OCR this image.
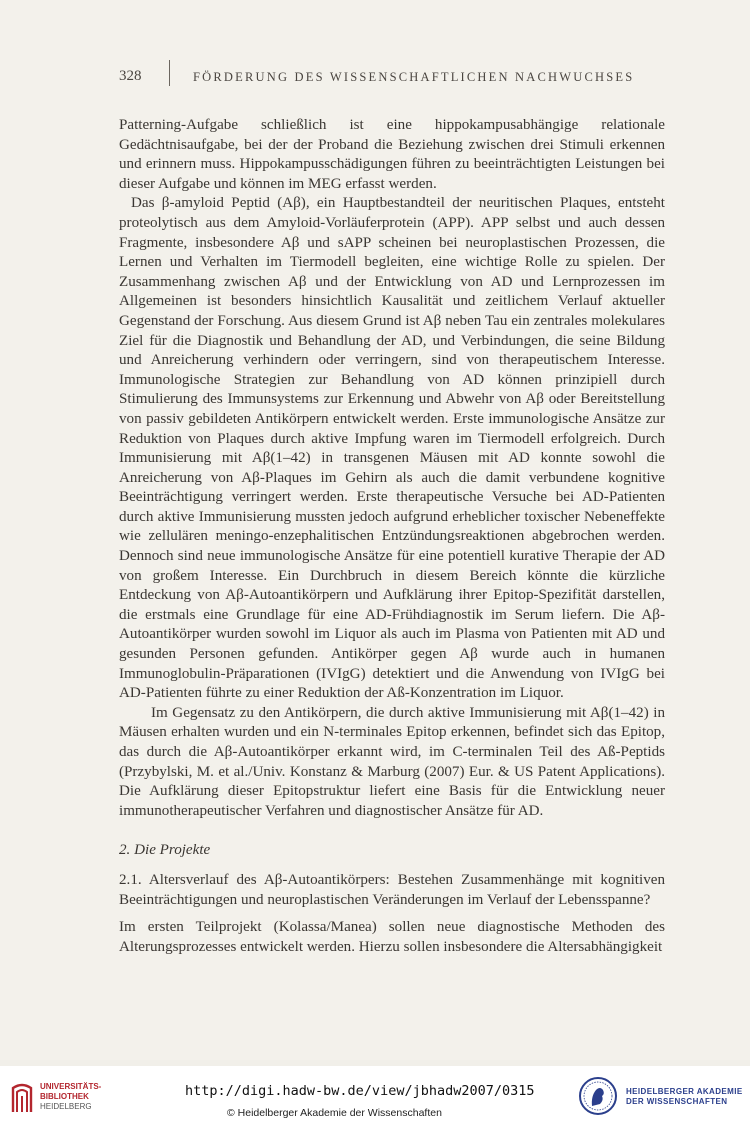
328	FÖRDERUNG DES WISSENSCHAFTLICHEN NACHWUCHSES

Patterning-Aufgabe schließlich ist eine hippokampusabhängige relationale Gedächtnisaufgabe, bei der der Proband die Beziehung zwischen drei Stimuli erkennen und erinnern muss. Hippokampusschädigungen führen zu beeinträchtigten Leistungen bei dieser Aufgabe und können im MEG erfasst werden.

Das β-amyloid Peptid (Aβ), ein Hauptbestandteil der neuritischen Plaques, entsteht proteolytisch aus dem Amyloid-Vorläuferprotein (APP). APP selbst und auch dessen Fragmente, insbesondere Aβ und sAPP scheinen bei neuroplastischen Prozessen, die Lernen und Verhalten im Tiermodell begleiten, eine wichtige Rolle zu spielen. Der Zusammenhang zwischen Aβ und der Entwicklung von AD und Lernprozessen im Allgemeinen ist besonders hinsichtlich Kausalität und zeitlichem Verlauf aktueller Gegenstand der Forschung. Aus diesem Grund ist Aβ neben Tau ein zentrales molekulares Ziel für die Diagnostik und Behandlung der AD, und Verbindungen, die seine Bildung und Anreicherung verhindern oder verringern, sind von therapeutischem Interesse. Immunologische Strategien zur Behandlung von AD können prinzipiell durch Stimulierung des Immunsystems zur Erkennung und Abwehr von Aβ oder Bereitstellung von passiv gebildeten Antikörpern entwickelt werden. Erste immunologische Ansätze zur Reduktion von Plaques durch aktive Impfung waren im Tiermodell erfolgreich. Durch Immunisierung mit Aβ(1–42) in transgenen Mäusen mit AD konnte sowohl die Anreicherung von Aβ-Plaques im Gehirn als auch die damit verbundene kognitive Beeinträchtigung verringert werden. Erste therapeutische Versuche bei AD-Patienten durch aktive Immunisierung mussten jedoch aufgrund erheblicher toxischer Nebeneffekte wie zellulären meningo-enzephalitischen Entzündungsreaktionen abgebrochen werden. Dennoch sind neue immunologische Ansätze für eine potentiell kurative Therapie der AD von großem Interesse. Ein Durchbruch in diesem Bereich könnte die kürzliche Entdeckung von Aβ-Autoantikörpern und Aufklärung ihrer Epitop-Spezifität darstellen, die erstmals eine Grundlage für eine AD-Frühdiagnostik im Serum liefern. Die Aβ-Autoantikörper wurden sowohl im Liquor als auch im Plasma von Patienten mit AD und gesunden Personen gefunden. Antikörper gegen Aβ wurde auch in humanen Immunoglobulin-Präparationen (IVIgG) detektiert und die Anwendung von IVIgG bei AD-Patienten führte zu einer Reduktion der Aß-Konzentration im Liquor.

Im Gegensatz zu den Antikörpern, die durch aktive Immunisierung mit Aβ(1–42) in Mäusen erhalten wurden und ein N-terminales Epitop erkennen, befindet sich das Epitop, das durch die Aβ-Autoantikörper erkannt wird, im C-terminalen Teil des Aß-Peptids (Przybylski, M. et al./Univ. Konstanz & Marburg (2007) Eur. & US Patent Applications). Die Aufklärung dieser Epitopstruktur liefert eine Basis für die Entwicklung neuer immunotherapeutischer Verfahren und diagnostischer Ansätze für AD.

2. Die Projekte

2.1. Altersverlauf des Aβ-Autoantikörpers: Bestehen Zusammenhänge mit kognitiven Beeinträchtigungen und neuroplastischen Veränderungen im Verlauf der Lebensspanne?

Im ersten Teilprojekt (Kolassa/Manea) sollen neue diagnostische Methoden des Alterungsprozesses entwickelt werden. Hierzu sollen insbesondere die Altersabhängigkeit

UNIVERSITÄTS-
BIBLIOTHEK
HEIDELBERG
http://digi.hadw-bw.de/view/jbhadw2007/0315
© Heidelberger Akademie der Wissenschaften
HEIDELBERGER AKADEMIE
DER WISSENSCHAFTEN
